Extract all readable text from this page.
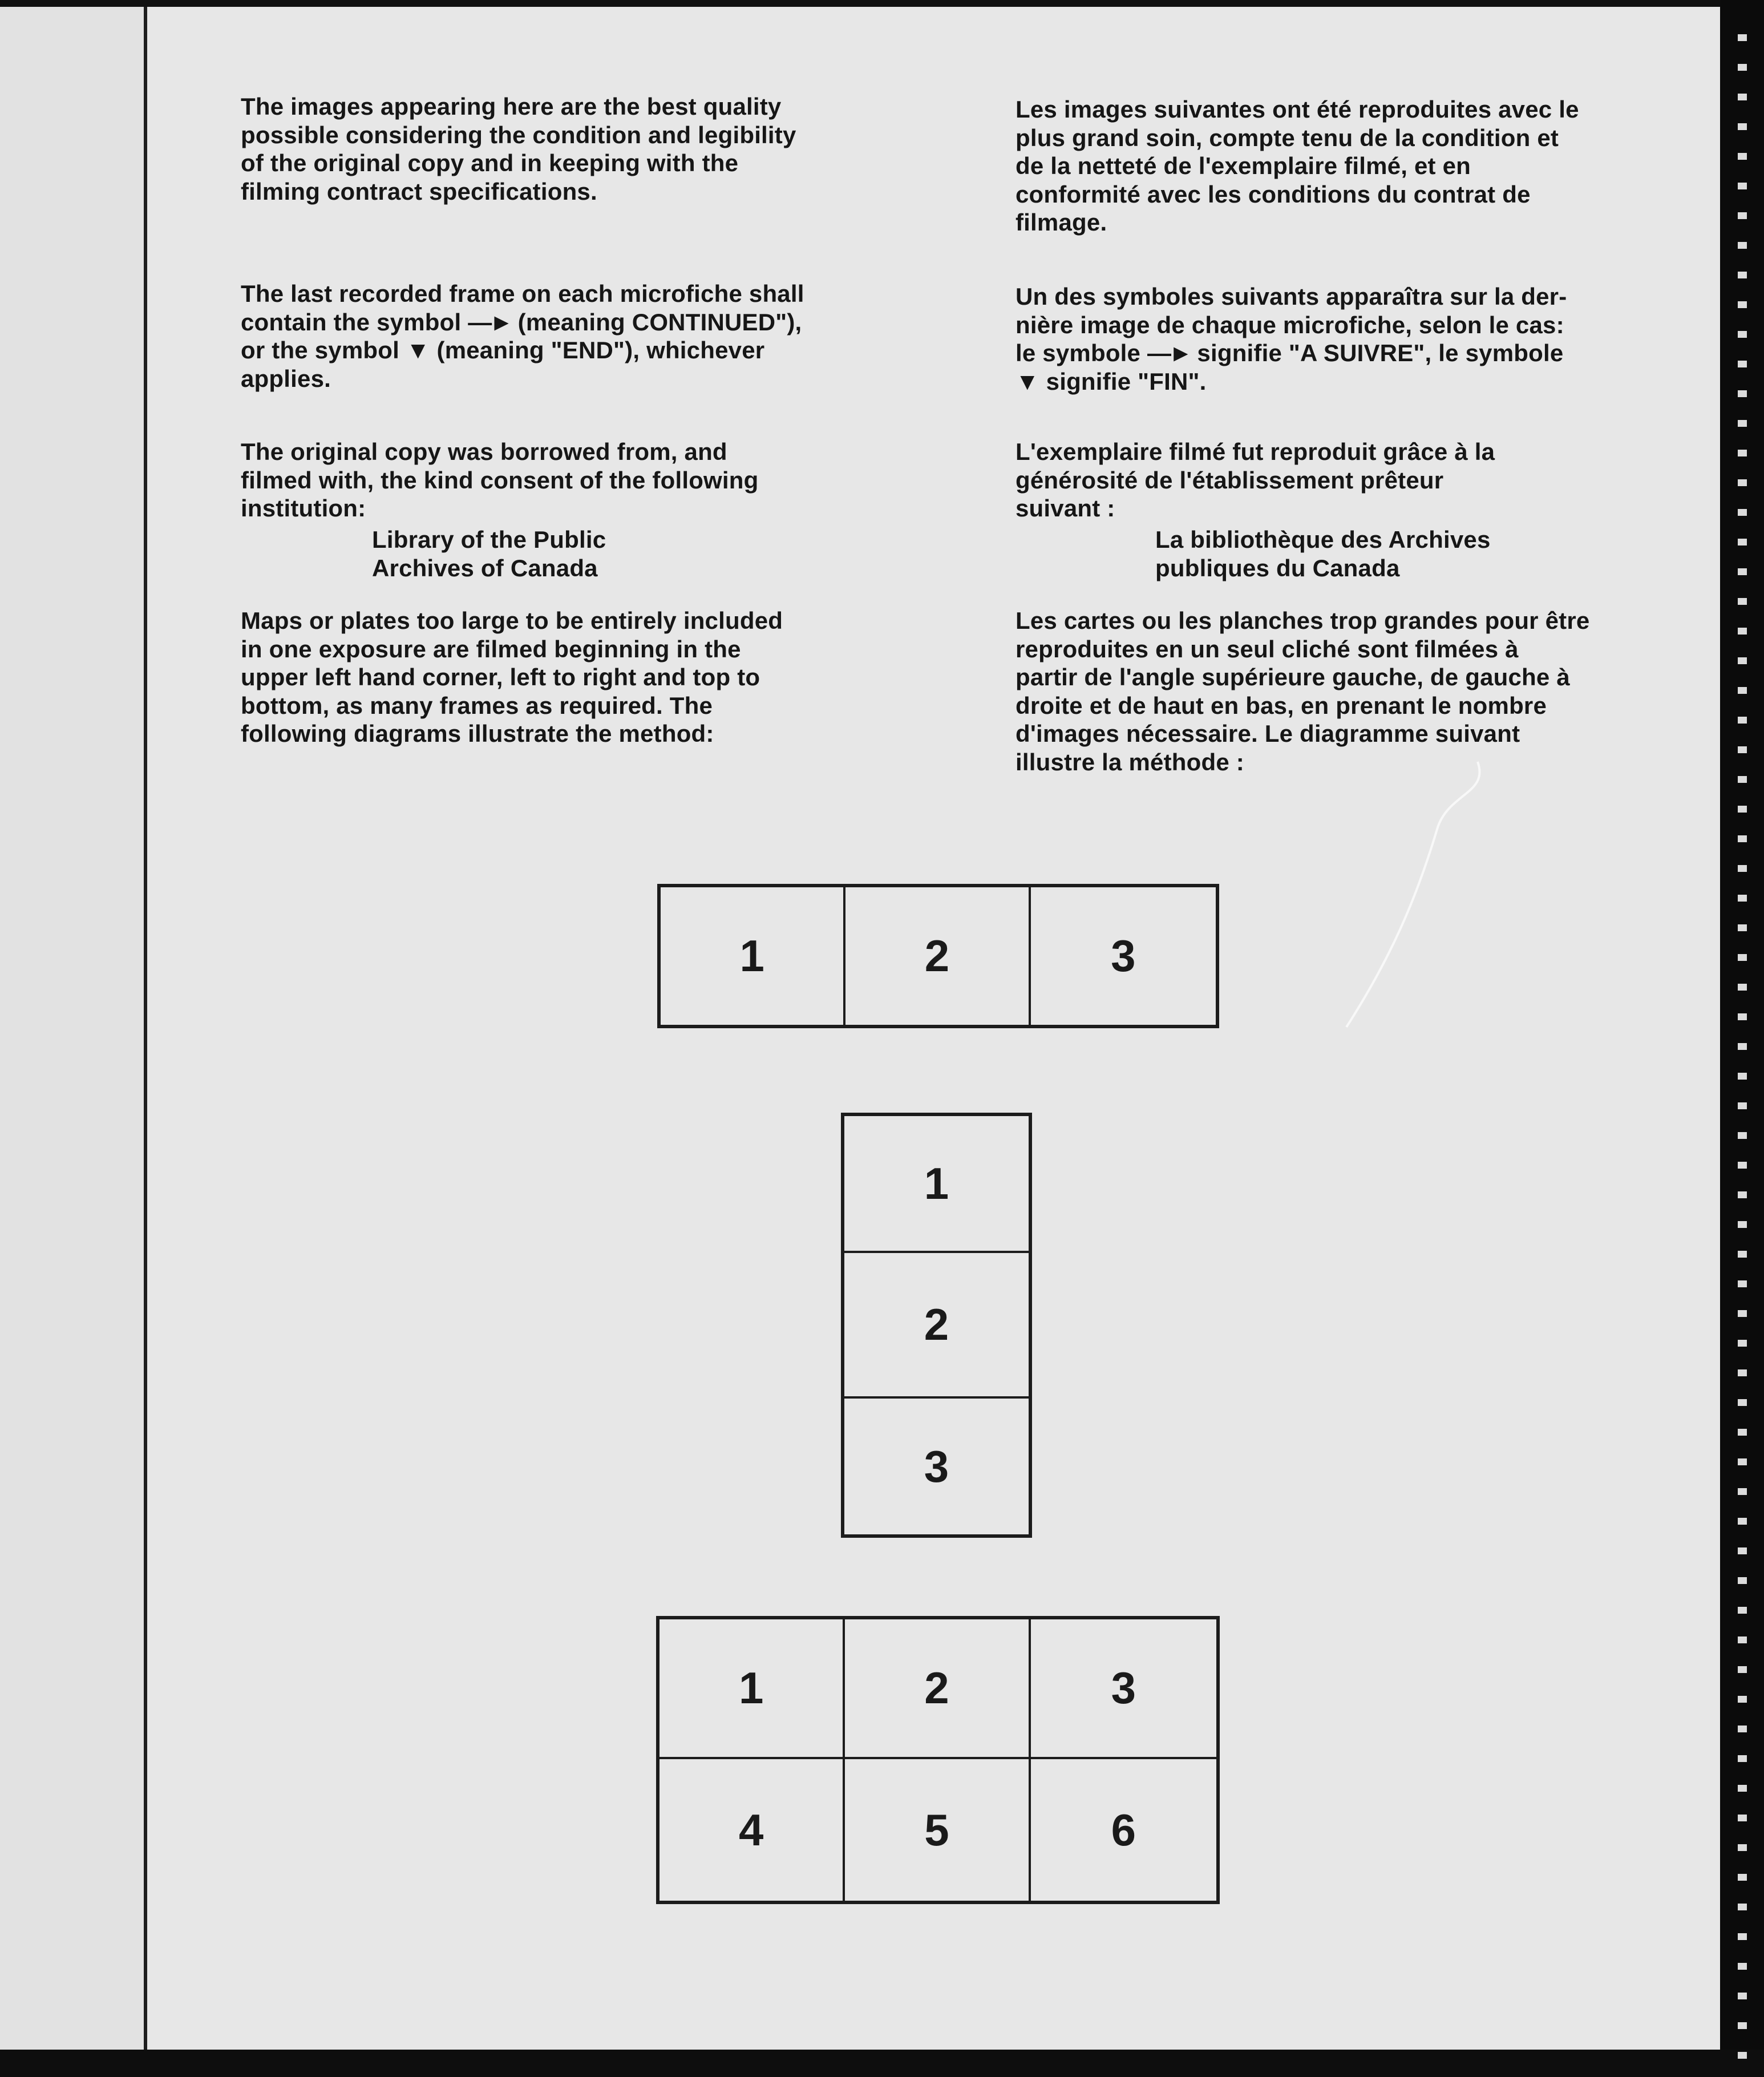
The images appearing here are the best quality
possible considering the condition and legibility
of the original copy and in keeping with the
filming contract specifications.

The last recorded frame on each microfiche shall
contain the symbol —► (meaning CONTINUED"),
or the symbol ▼ (meaning "END"), whichever
applies.

The original copy was borrowed from, and
filmed with, the kind consent of the following
institution:

Library of the Public
Archives of Canada

Maps or plates too large to be entirely included
in one exposure are filmed beginning in the
upper left hand corner, left to right and top to
bottom, as many frames as required. The
following diagrams illustrate the method:

Les images suivantes ont été reproduites avec le
plus grand soin, compte tenu de la condition et
de la netteté de l'exemplaire filmé, et en
conformité avec les conditions du contrat de
filmage.

Un des symboles suivants apparaîtra sur la der-
nière image de chaque microfiche, selon le cas:
le symbole —► signifie "A SUIVRE", le symbole
▼ signifie "FIN".

L'exemplaire filmé fut reproduit grâce à la
générosité de l'établissement prêteur
suivant :

La bibliothèque des Archives
publiques du Canada

Les cartes ou les planches trop grandes pour être
reproduites en un seul cliché sont filmées à
partir de l'angle supérieure gauche, de gauche à
droite et de haut en bas, en prenant le nombre
d'images nécessaire. Le diagramme suivant
illustre la méthode :

1	2	3
1
2
3
1	2	3
4	5	6
